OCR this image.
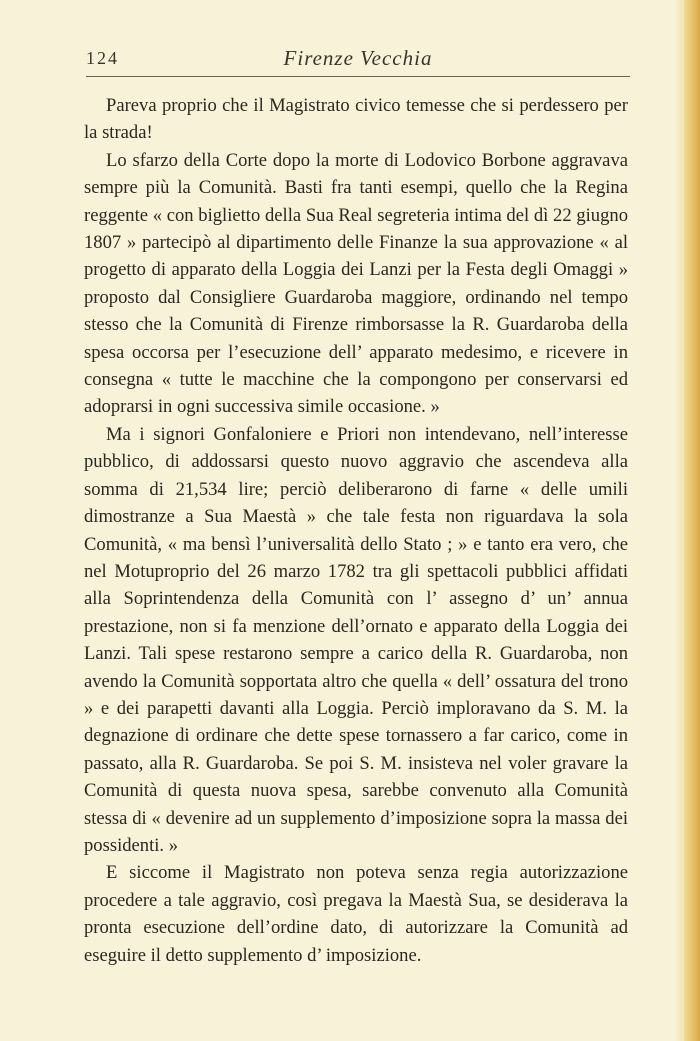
124	Firenze Vecchia

Pareva proprio che il Magistrato civico temesse che si perdessero per la strada!

Lo sfarzo della Corte dopo la morte di Lodovico Borbone aggravava sempre più la Comunità. Basti fra tanti esempi, quello che la Regina reggente « con biglietto della Sua Real segreteria intima del dì 22 giugno 1807 » partecipò al dipartimento delle Finanze la sua approvazione « al progetto di apparato della Loggia dei Lanzi per la Festa degli Omaggi » proposto dal Consigliere Guardaroba maggiore, ordinando nel tempo stesso che la Comunità di Firenze rimborsasse la R. Guardaroba della spesa occorsa per l’esecuzione dell’ apparato medesimo, e ricevere in consegna « tutte le macchine che la compongono per conservarsi ed adoprarsi in ogni successiva simile occasione. »

Ma i signori Gonfaloniere e Priori non intendevano, nell’interesse pubblico, di addossarsi questo nuovo aggravio che ascendeva alla somma di 21,534 lire; perciò deliberarono di farne « delle umili dimostranze a Sua Maestà » che tale festa non riguardava la sola Comunità, « ma bensì l’universalità dello Stato ; » e tanto era vero, che nel Motuproprio del 26 marzo 1782 tra gli spettacoli pubblici affidati alla Soprintendenza della Comunità con l’ assegno d’ un’ annua prestazione, non si fa menzione dell’ornato e apparato della Loggia dei Lanzi. Tali spese restarono sempre a carico della R. Guardaroba, non avendo la Comunità sopportata altro che quella « dell’ ossatura del trono » e dei parapetti davanti alla Loggia. Perciò imploravano da S. M. la degnazione di ordinare che dette spese tornassero a far carico, come in passato, alla R. Guardaroba. Se poi S. M. insisteva nel voler gravare la Comunità di questa nuova spesa, sarebbe convenuto alla Comunità stessa di « devenire ad un supplemento d’imposizione sopra la massa dei possidenti. »

E siccome il Magistrato non poteva senza regia autorizzazione procedere a tale aggravio, così pregava la Maestà Sua, se desiderava la pronta esecuzione dell’ordine dato, di autorizzare la Comunità ad eseguire il detto supplemento d’ imposizione.
